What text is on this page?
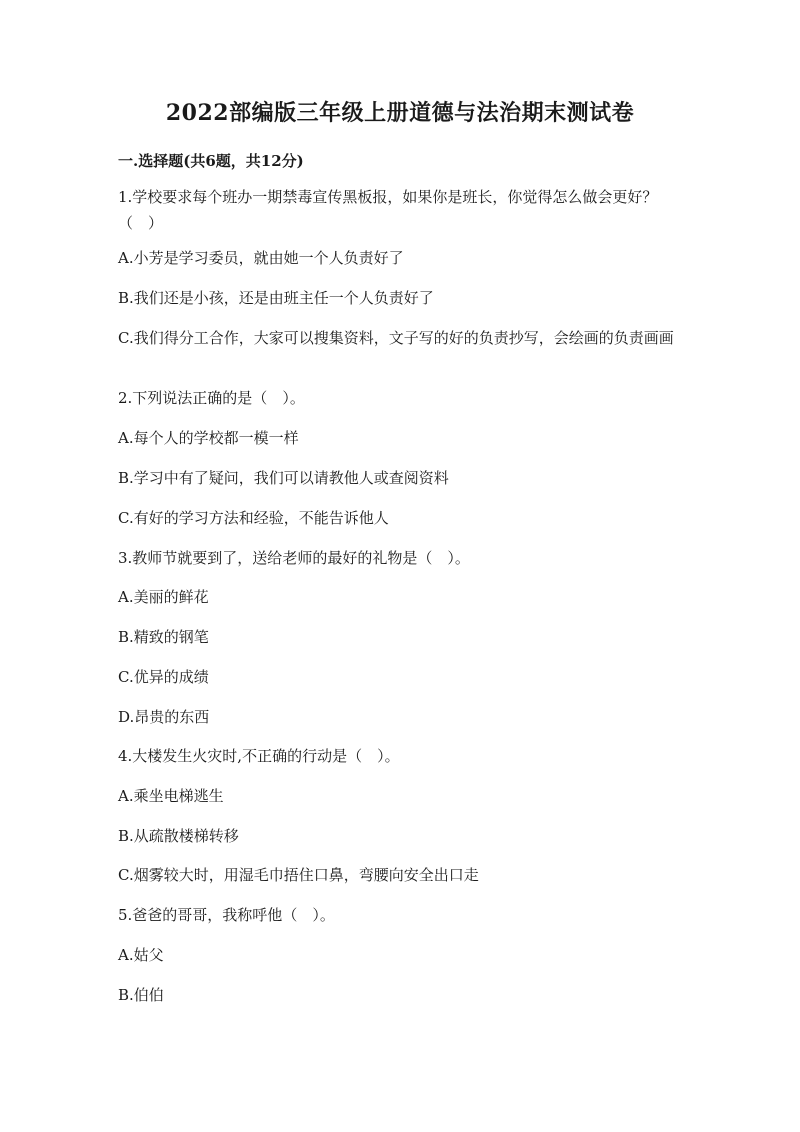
2022部编版三年级上册道德与法治期末测试卷
一.选择题(共6题，共12分)
1.学校要求每个班办一期禁毒宣传黑板报，如果你是班长，你觉得怎么做会更好？（　）
A.小芳是学习委员，就由她一个人负责好了
B.我们还是小孩，还是由班主任一个人负责好了
C.我们得分工合作，大家可以搜集资料，文子写的好的负责抄写，会绘画的负责画画
2.下列说法正确的是（　）。
A.每个人的学校都一模一样
B.学习中有了疑问，我们可以请教他人或查阅资料
C.有好的学习方法和经验，不能告诉他人
3.教师节就要到了，送给老师的最好的礼物是（　）。
A.美丽的鲜花
B.精致的钢笔
C.优异的成绩
D.昂贵的东西
4.大楼发生火灾时,不正确的行动是（　）。
A.乘坐电梯逃生
B.从疏散楼梯转移
C.烟雾较大时，用湿毛巾捂住口鼻，弯腰向安全出口走
5.爸爸的哥哥，我称呼他（　）。
A.姑父
B.伯伯
